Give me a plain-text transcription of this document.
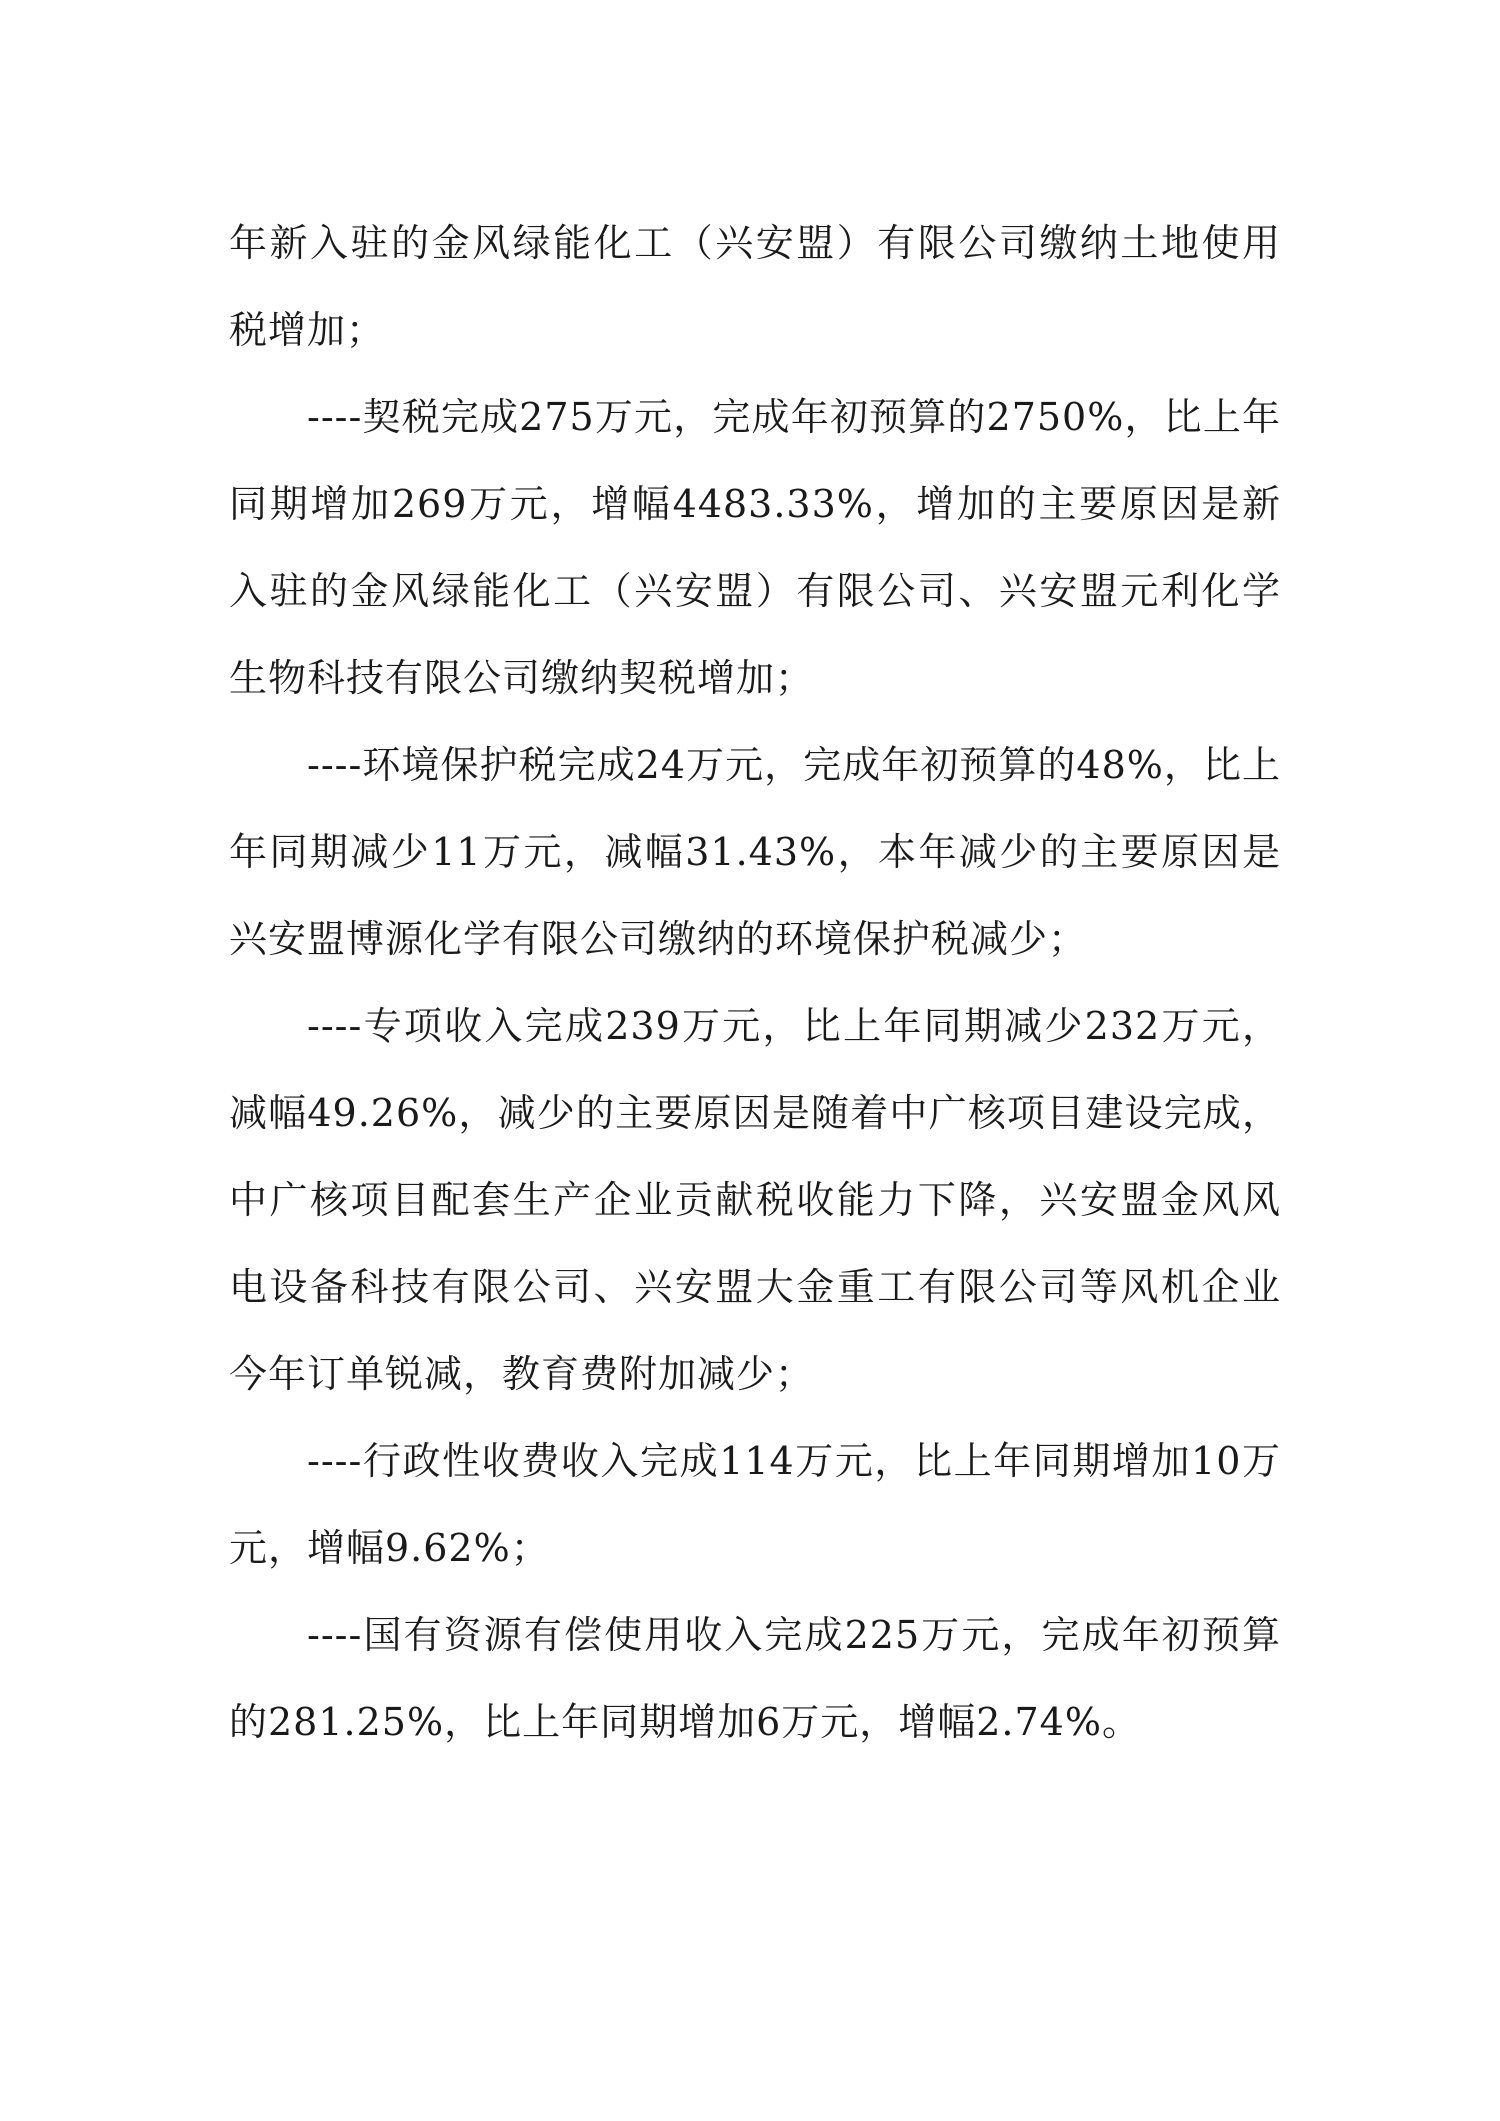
年新入驻的金风绿能化工（兴安盟）有限公司缴纳土地使用税增加；

----契税完成275万元，完成年初预算的2750%，比上年同期增加269万元，增幅4483.33%，增加的主要原因是新入驻的金风绿能化工（兴安盟）有限公司、兴安盟元利化学生物科技有限公司缴纳契税增加；

----环境保护税完成24万元，完成年初预算的48%，比上年同期减少11万元，减幅31.43%，本年减少的主要原因是兴安盟博源化学有限公司缴纳的环境保护税减少；

----专项收入完成239万元，比上年同期减少232万元，减幅49.26%，减少的主要原因是随着中广核项目建设完成，中广核项目配套生产企业贡献税收能力下降，兴安盟金风风电设备科技有限公司、兴安盟大金重工有限公司等风机企业今年订单锐减，教育费附加减少；

----行政性收费收入完成114万元，比上年同期增加10万元，增幅9.62%；

----国有资源有偿使用收入完成225万元，完成年初预算的281.25%，比上年同期增加6万元，增幅2.74%。
